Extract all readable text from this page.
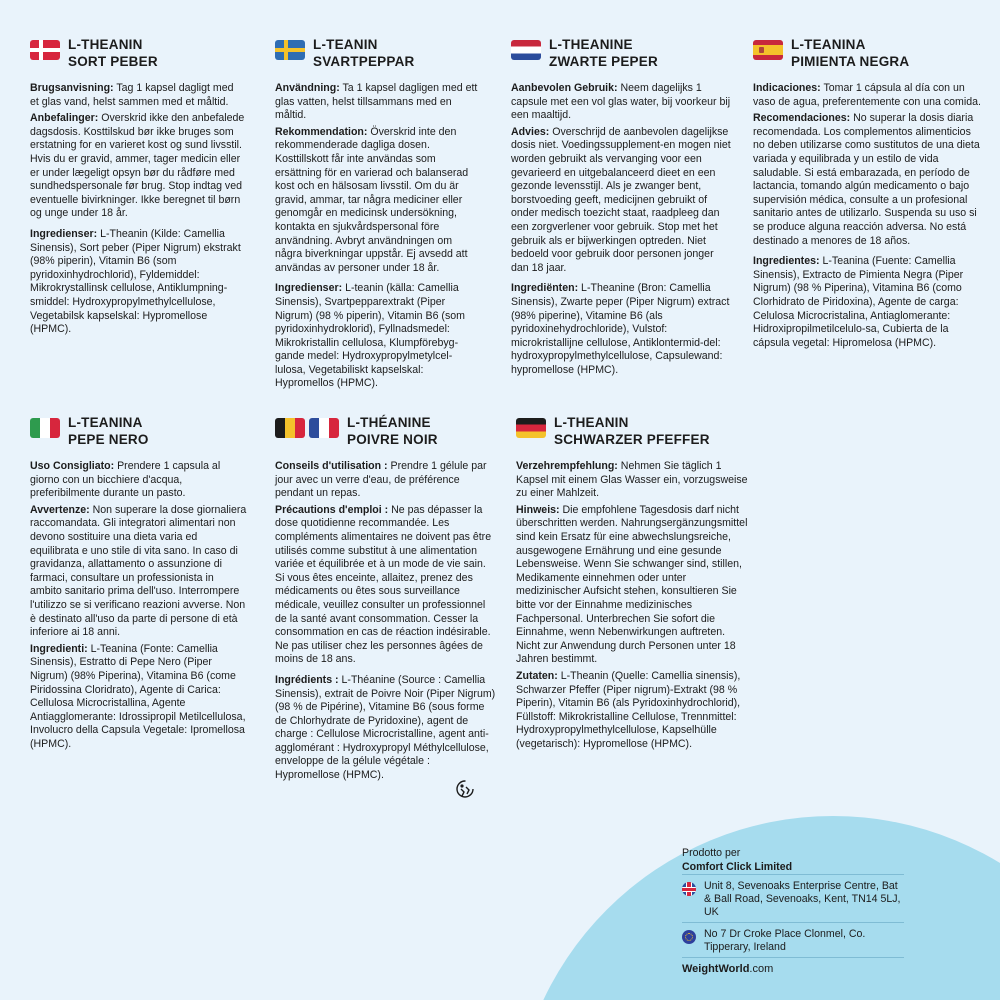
L-THEANIN
SORT PEBER

Brugsanvisning: Tag 1 kapsel dagligt med et glas vand, helst sammen med et måltid.

Anbefalinger: Overskrid ikke den anbefalede dagsdosis. Kosttilskud bør ikke bruges som erstatning for en varieret kost og sund livsstil. Hvis du er gravid, ammer, tager medicin eller er under lægeligt opsyn bør du rådføre med sundhedspersonale før brug. Stop indtag ved eventuelle bivirkninger. Ikke beregnet til børn og unge under 18 år.

Ingredienser: L-Theanin (Kilde: Camellia Sinensis), Sort peber (Piper Nigrum) ekstrakt (98% piperin), Vitamin B6 (som pyridoxinhydrochlorid), Fyldemiddel: Mikrokrystallinsk cellulose, Antiklumpning-smiddel: Hydroxypropylmethylcellulose, Vegetabilsk kapselskal: Hypromellose (HPMC).

L-TEANIN
SVARTPEPPAR

Användning: Ta 1 kapsel dagligen med ett glas vatten, helst tillsammans med en måltid.

Rekommendation: Överskrid inte den rekommenderade dagliga dosen. Kosttillskott får inte användas som ersättning för en varierad och balanserad kost och en hälsosam livsstil. Om du är gravid, ammar, tar några mediciner eller genomgår en medicinsk undersökning, kontakta en sjukvårdspersonal före användning. Avbryt användningen om några biverkningar uppstår. Ej avsedd att användas av personer under 18 år.

Ingredienser: L-teanin (källa: Camellia Sinensis), Svartpepparextrakt (Piper Nigrum) (98 % piperin), Vitamin B6 (som pyridoxinhydroklorid), Fyllnadsmedel: Mikrokristallin cellulosa, Klumpförebyg-gande medel: Hydroxypropylmetylcel-lulosa, Vegetabiliskt kapselskal: Hypromellos (HPMC).

L-THEANINE
ZWARTE PEPER

Aanbevolen Gebruik: Neem dagelijks 1 capsule met een vol glas water, bij voorkeur bij een maaltijd.

Advies: Overschrijd de aanbevolen dagelijkse dosis niet. Voedingssupplement-en mogen niet worden gebruikt als vervanging voor een gevarieerd en uitgebalanceerd dieet en een gezonde levensstijl. Als je zwanger bent, borstvoeding geeft, medicijnen gebruikt of onder medisch toezicht staat, raadpleeg dan een zorgverlener voor gebruik. Stop met het gebruik als er bijwerkingen optreden. Niet bedoeld voor gebruik door personen jonger dan 18 jaar.

Ingrediënten: L-Theanine (Bron: Camellia Sinensis), Zwarte peper (Piper Nigrum) extract (98% piperine), Vitamine B6 (als pyridoxinehydrochloride), Vulstof: microkristallijne cellulose, Antiklontermid-del: hydroxypropylmethylcellulose, Capsulewand: hypromellose (HPMC).

L-TEANINA
PIMIENTA NEGRA

Indicaciones: Tomar 1 cápsula al día con un vaso de agua, preferentemente con una comida.

Recomendaciones: No superar la dosis diaria recomendada. Los complementos alimenticios no deben utilizarse como sustitutos de una dieta variada y equilibrada y un estilo de vida saludable. Si está embarazada, en período de lactancia, tomando algún medicamento o bajo supervisión médica, consulte a un profesional sanitario antes de utilizarlo. Suspenda su uso si se produce alguna reacción adversa. No está destinado a menores de 18 años.

Ingredientes: L-Teanina (Fuente: Camellia Sinensis), Extracto de Pimienta Negra (Piper Nigrum) (98 % Piperina), Vitamina B6 (como Clorhidrato de Piridoxina), Agente de carga: Celulosa Microcristalina, Antiaglomerante: Hidroxipropilmetilcelulo-sa, Cubierta de la cápsula vegetal: Hipromelosa (HPMC).

L-TEANINA
PEPE NERO

Uso Consigliato: Prendere 1 capsula al giorno con un bicchiere d'acqua, preferibilmente durante un pasto.

Avvertenze: Non superare la dose giornaliera raccomandata. Gli integratori alimentari non devono sostituire una dieta varia ed equilibrata e uno stile di vita sano. In caso di gravidanza, allattamento o assunzione di farmaci, consultare un professionista in ambito sanitario prima dell'uso. Interrompere l'utilizzo se si verificano reazioni avverse. Non è destinato all'uso da parte di persone di età inferiore ai 18 anni.

Ingredienti: L-Teanina (Fonte: Camellia Sinensis), Estratto di Pepe Nero (Piper Nigrum) (98% Piperina), Vitamina B6 (come Piridossina Cloridrato), Agente di Carica: Cellulosa Microcristallina, Agente Antiagglomerante: Idrossipropil Metilcellulosa, Involucro della Capsula Vegetale: Ipromellosa (HPMC).

L-THÉANINE
POIVRE NOIR

Conseils d'utilisation : Prendre 1 gélule par jour avec un verre d'eau, de préférence pendant un repas.

Précautions d'emploi : Ne pas dépasser la dose quotidienne recommandée. Les compléments alimentaires ne doivent pas être utilisés comme substitut à une alimentation variée et équilibrée et à un mode de vie sain. Si vous êtes enceinte, allaitez, prenez des médicaments ou êtes sous surveillance médicale, veuillez consulter un professionnel de la santé avant consommation. Cesser la consommation en cas de réaction indésirable. Ne pas utiliser chez les personnes âgées de moins de 18 ans.

Ingrédients : L-Théanine (Source : Camellia Sinensis), extrait de Poivre Noir (Piper Nigrum) (98 % de Pipérine), Vitamine B6 (sous forme de Chlorhydrate de Pyridoxine), agent de charge : Cellulose Microcristalline, agent anti-agglomérant : Hydroxypropyl Méthylcellulose, enveloppe de la gélule végétale : Hypromellose (HPMC).

L-THEANIN
SCHWARZER PFEFFER

Verzehrempfehlung: Nehmen Sie täglich 1 Kapsel mit einem Glas Wasser ein, vorzugsweise zu einer Mahlzeit.

Hinweis: Die empfohlene Tagesdosis darf nicht überschritten werden. Nahrungsergänzungsmittel sind kein Ersatz für eine abwechslungsreiche, ausgewogene Ernährung und eine gesunde Lebensweise. Wenn Sie schwanger sind, stillen, Medikamente einnehmen oder unter medizinischer Aufsicht stehen, konsultieren Sie bitte vor der Einnahme medizinisches Fachpersonal. Unterbrechen Sie sofort die Einnahme, wenn Nebenwirkungen auftreten. Nicht zur Anwendung durch Personen unter 18 Jahren bestimmt.

Zutaten: L-Theanin (Quelle: Camellia sinensis), Schwarzer Pfeffer (Piper nigrum)-Extrakt (98 % Piperin), Vitamin B6 (als Pyridoxinhydrochlorid), Füllstoff: Mikrokristalline Cellulose, Trennmittel: Hydroxypropylmethylcellulose, Kapselhülle (vegetarisch): Hypromellose (HPMC).

Prodotto per
Comfort Click Limited
Unit 8, Sevenoaks Enterprise Centre, Bat & Ball Road, Sevenoaks, Kent, TN14 5LJ, UK
No 7 Dr Croke Place Clonmel, Co. Tipperary, Ireland
WeightWorld.com
